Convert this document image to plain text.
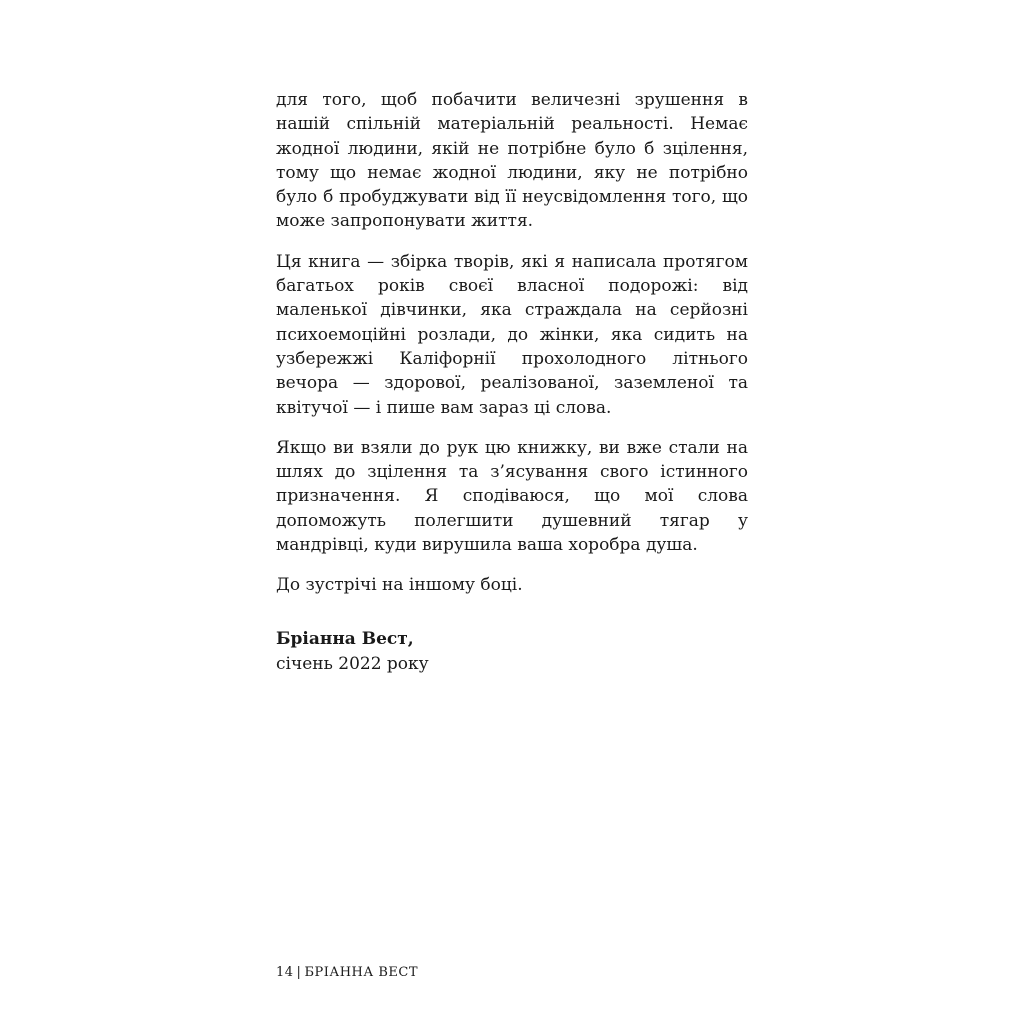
для того, щоб побачити величезні зрушення в нашій спільній матеріальній реальності. Немає жодної людини, якій не потрібне було б зцілення, тому що немає жодної людини, яку не потрібно було б пробуджувати від її неусвідомлення того, що може запропонувати життя.

Ця книга — збірка творів, які я написала протягом багатьох років своєї власної подорожі: від маленької дівчинки, яка страждала на серйозні психоемоційні розлади, до жінки, яка сидить на узбережжі Каліфорнії прохолодного літнього вечора — здорової, реалізованої, заземленої та квітучої — і пише вам зараз ці слова.

Якщо ви взяли до рук цю книжку, ви вже стали на шлях до зцілення та з’ясування свого істинного призначення. Я сподіваюся, що мої слова допоможуть полегшити душевний тягар у мандрівці, куди вирушила ваша хоробра душа.

До зустрічі на іншому боці.

Бріанна Вест,

січень 2022 року

14 | БРІАННА ВЕСТ
